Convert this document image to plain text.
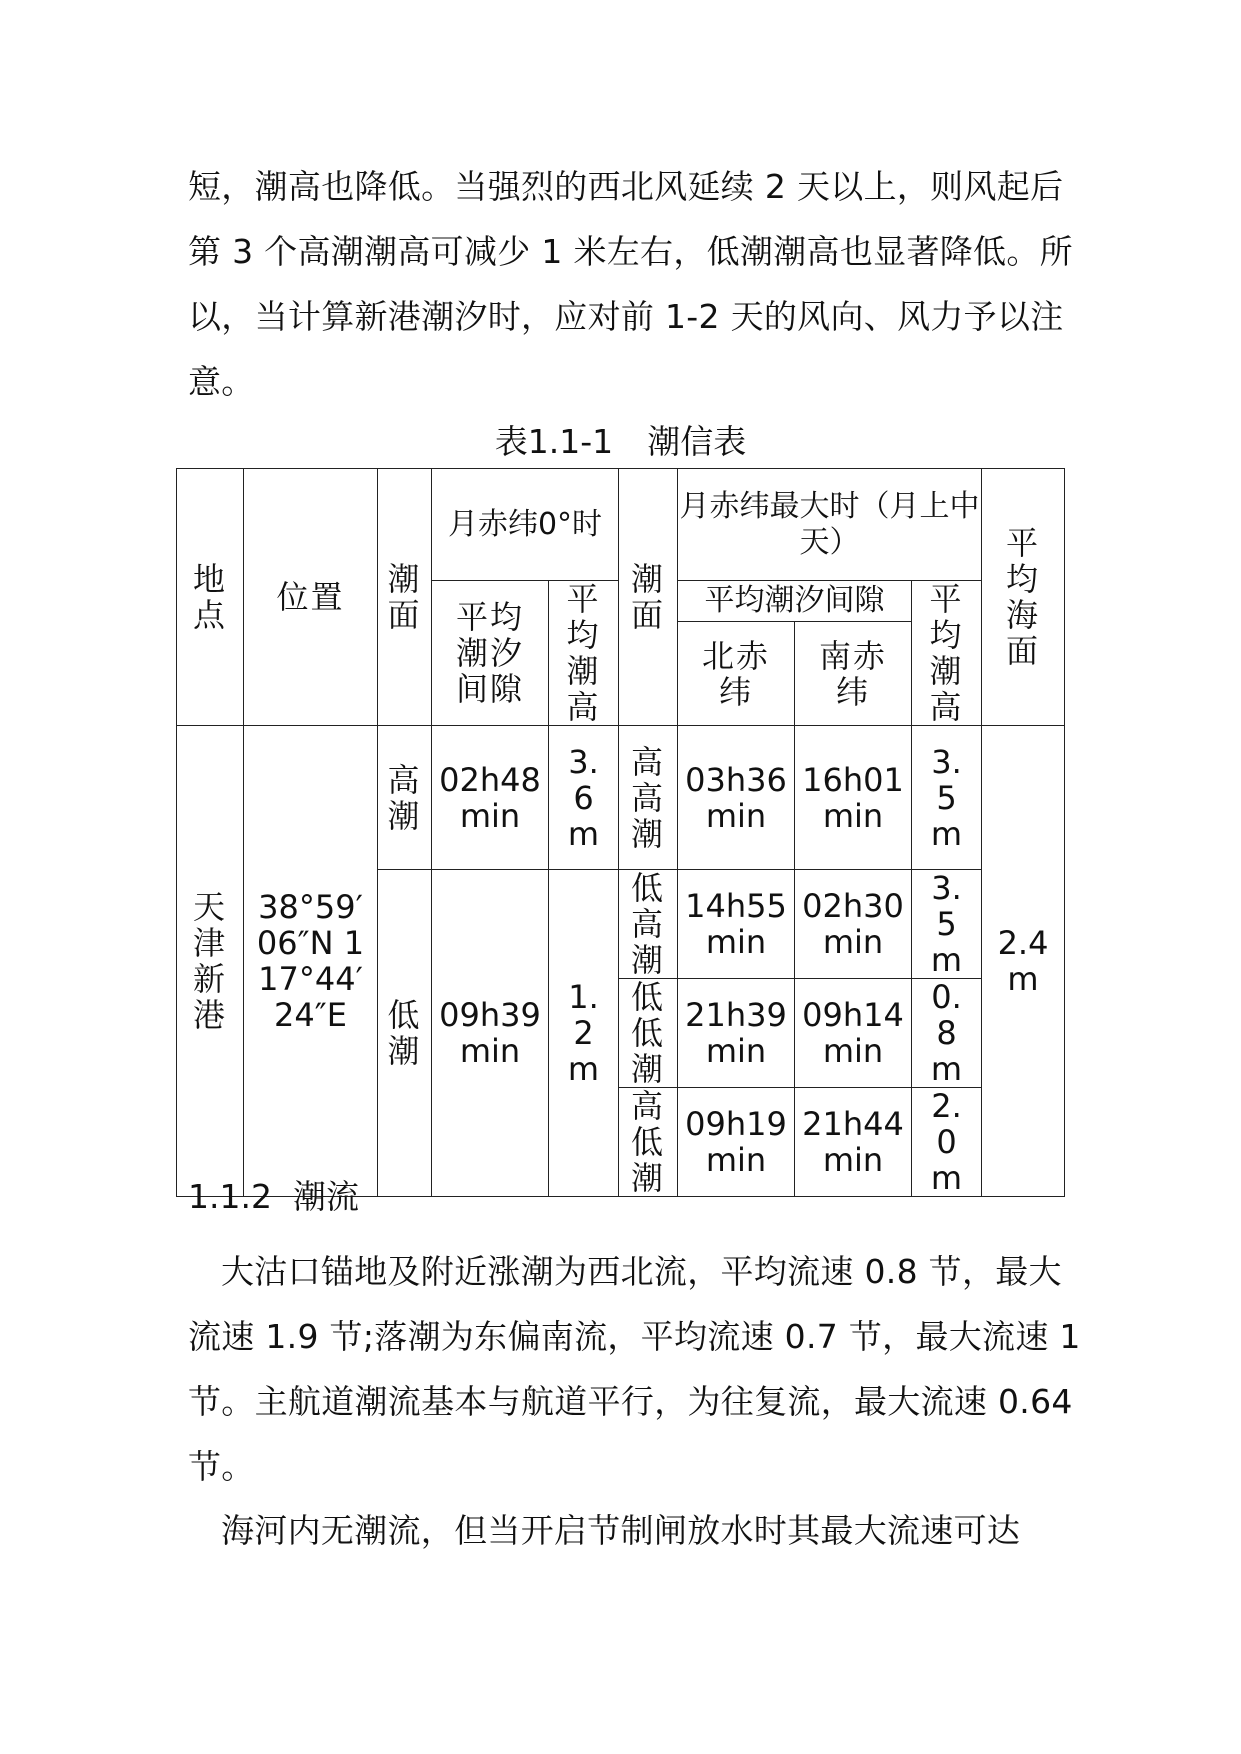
短，潮高也降低。当强烈的西北风延续 2 天以上，则风起后
第 3 个高潮潮高可减少 1 米左右，低潮潮高也显著降低。所
以，当计算新港潮汐时，应对前 1-2 天的风向、风力予以注
意。

表1.1-1 潮信表
地点	位置	潮面	月赤纬0°时		潮面	月赤纬最大时（月上中天）			平均海面
			平均潮汐间隙	平均潮高		平均潮汐间隙		平均潮高	
						北赤纬	南赤纬		
天津新港	38°59′06″N 117°44′24″E	高潮	02h48min	3.6m	高高潮	03h36min	16h01min	3.5m	2.4m
		低潮	09h39min	1.2m	低高潮	14h55min	02h30min	3.5m	
					低低潮	21h39min	09h14min	0.8m	
					高低潮	09h19min	21h44min	2.0m	
1.1.2 潮流

大沽口锚地及附近涨潮为西北流，平均流速 0.8 节，最大
流速 1.9 节;落潮为东偏南流，平均流速 0.7 节，最大流速 1
节。主航道潮流基本与航道平行，为往复流，最大流速 0.64
节。

海河内无潮流，但当开启节制闸放水时其最大流速可达
